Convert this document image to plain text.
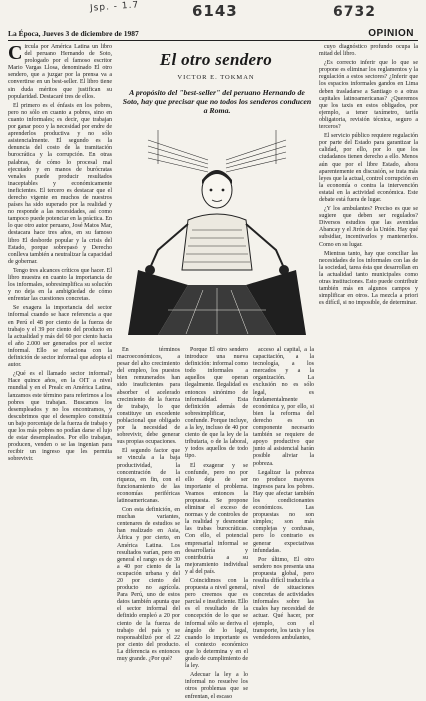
Jsp. - 1.7	6143	6732
La Época, Jueves 3 de diciembre de 1987	OPINION

Circula por América Latina un libro del peruano Hernando de Soto, prologado por el famoso escritor Mario Vargas Llosa, denominado El otro sendero, que a juzgar por la prensa va a convertirse en un best-seller. El libro tiene sin duda méritos que justifican su popularidad. Destacaré tres de ellos.

El primero es el énfasis en los pobres, pero no sólo en cuanto a pobres, sino en cuanto informales; es decir, que trabajan por ganar poco y la necesidad por endre de aprenderlos productiva y no sólo asistencialmente. El segundo es la denuncia del costo de la tramitación burocrática y la corrupción. En otras palabras, de cómo lo procesal mal ejecutado y en manos de burócratas venales puede producir resultados inaceptables y económicamente ineficientes. El tercero es destacar que el derecho vigente en muchos de nuestros países ha sido superado por la realidad y no responde a las necesidades, así como tampoco puede potenciar en la práctica. En lo que otro autor peruano, José Matos Mar, destacara hace tres años, en su famoso libro El desborde popular y la crisis del Estado, porque sobrepasó y Derecho conlleva también a neutralizar la capacidad de gobernar.

Tengo tres alcances críticos que hacer. El libro muestra en cuanto la importancia de los informales, sobresimplifica su solución y no deja en la ambigüedad de cómo enfrentar las cuestiones concretas.

Se exagera la importancia del sector informal cuando se hace referencia a que en Perú el 48 por ciento de la fuerza de trabajo y el 39 por ciento del producto en la actualidad y más del 60 por ciento hacia el año 2.000 ser generados por el sector informal. Ello se relaciona con la definición de sector informal que adopta el autor.

¿Qué es el llamado sector informal? Hace quince años, en la OIT a nivel mundial y en el Prealc en América Latina, lanzamos este término para referirnos a los pobres que trabajan. Buscamos los desempleados y no los encontramos, y descubrimos que el desempleo constituía un bajo porcentaje de la fuerza de trabajo y que los más pobres no podían darse el lujo de estar desempleados. Por ello trabajan, producen, venden o se las ingenian para recibir un ingreso que les permita sobrevivir.

El otro sendero
VICTOR E. TOKMAN
A propósito del "best-seller" del peruano Hernando de Soto, hay que precisar que no todos los senderos conducen a Roma.

En términos macroeconómicos, a pesar del alto crecimiento del empleo, los puestos bien remunerados han sido insuficientes para absorber el acelerado crecimiento de la fuerza de trabajo, lo que constituye un excedente poblacional que obligado por la necesidad de sobrevivir, debe generar sus propias ocupaciones.

El segundo factor que se vincula a la baja productividad, la concentración de la riqueza, en fin, con el funcionamiento de las economías periféricas latinoamericanas.

Con esta definición, en muchas variantes, centenares de estudios se han realizado en Asia, África y por cierto, en América Latina. Los resultados varían, pero en general el rango es de 30 a 40 por ciento de la ocupación urbana y del 20 por ciento del producto no agrícola. Para Perú, uno de estos datos también apunta que el sector informal del definido empleó a 20 por ciento de la fuerza de trabajo del país y se responsabilizó por el 22 por ciento del producto. La diferencia es entonces muy grande. ¿Por qué?

Porque El otro sendero introduce una nueva definición: informal como todo informales a aquellos que operan ilegalmente. Ilegalidad es entonces sinónimo de informalidad. Esta definición además de sobresimplificar, confunde. Porque incluye, a la ley, incluso de 40 por ciento de que la ley de la tributaria, o de la laboral, y todos aquellos de todo tipo.

El exagerar y se confunde, pero no por ello deja de ser importante el problema. Veamos entonces la propuesta. Se propone eliminar el exceso de normas y de controles de la realidad y desmontar las trabas burocráticas. Con ello, el potencial empresarial informal se desarrollaría y contribuiría a su mejoramiento individual y al del país.

Coincidimos con la propuesta a nivel general, pero creemos que es parcial e insuficiente. Ello es el resultado de la concepción de lo que se informal sólo se deriva el ángulo de lo legal, cuando lo importante es el contexto económico que lo determina y en el grado de cumplimiento de la ley.

Adecuar la ley a lo informal no resuelve los otros problemas que se enfrentan, el escaso

acceso al capital, a la capacitación, a la tecnología, a los mercados y a la organización. La exclusión no es sólo legal, es fundamentalmente económica y, por ello, si bien la reforma del derecho es un componente necesario también se requiere de apoyo productivo que junto al asistencial harán posible aliviar la pobreza.

Legalizar la pobreza no produce mayores ingresos para los pobres. Hay que afectar también los condicionantes económicos. Las propuestas no son simples; son más complejas y confusas, pero lo contrario es generar expectativas infundadas.

Por último, El otro sendero nos presenta una propuesta global, pero resulta difícil traducirla a nivel de situaciones concretas de actividades informales sobre las cuales hay necesidad de actuar. Qué hacer, por ejemplo, con el transporte, los taxis y los vendedores ambulantes,

cuyo diagnóstico profundo ocupa la mitad del libro.

¿Es correcto inferir que lo que se propone es eliminar los reglamentos y la regulación a estos sectores? ¿Inferir que los espacios informales gandos en Lima deben trasladarse a Santiago o a otras capitales latinoamericanas? ¿Queremos que los taxis en estos obligados, por ejemplo, a tener taxímetro, tarifa obligatoria, revisión técnica, seguro a terceros?

El servicio público requiere regulación por parte del Estado para garantizar la calidad, por ello, por lo que los ciudadanos tienen derecho a ello. Menos aún que por el libre Estado, ahora aparentemente en discusión, se trata más leyes que la actual, control corrupción en la economía o contra la intervención estatal en la actividad económica. Este debate está fuera de lugar.

¿Y los ambulantes? Preciso es que se sugiere que deben ser regulados? Diversos estudios que las avenidas Abancay y el Jirón de la Unión. Hay qué subsidiar, incentivarlos y mantenerlos. Como en su lugar.

Mientras tanto, hay que conciliar las necesidades de los informales con las de la sociedad, tarea ésta que desarrollan en la actualidad tanto municipales como otras instituciones. Esto puede contribuir también más en algunos campos y simplificar en otros. La mezcla a priori es difícil, si no imposible, de determinar.
